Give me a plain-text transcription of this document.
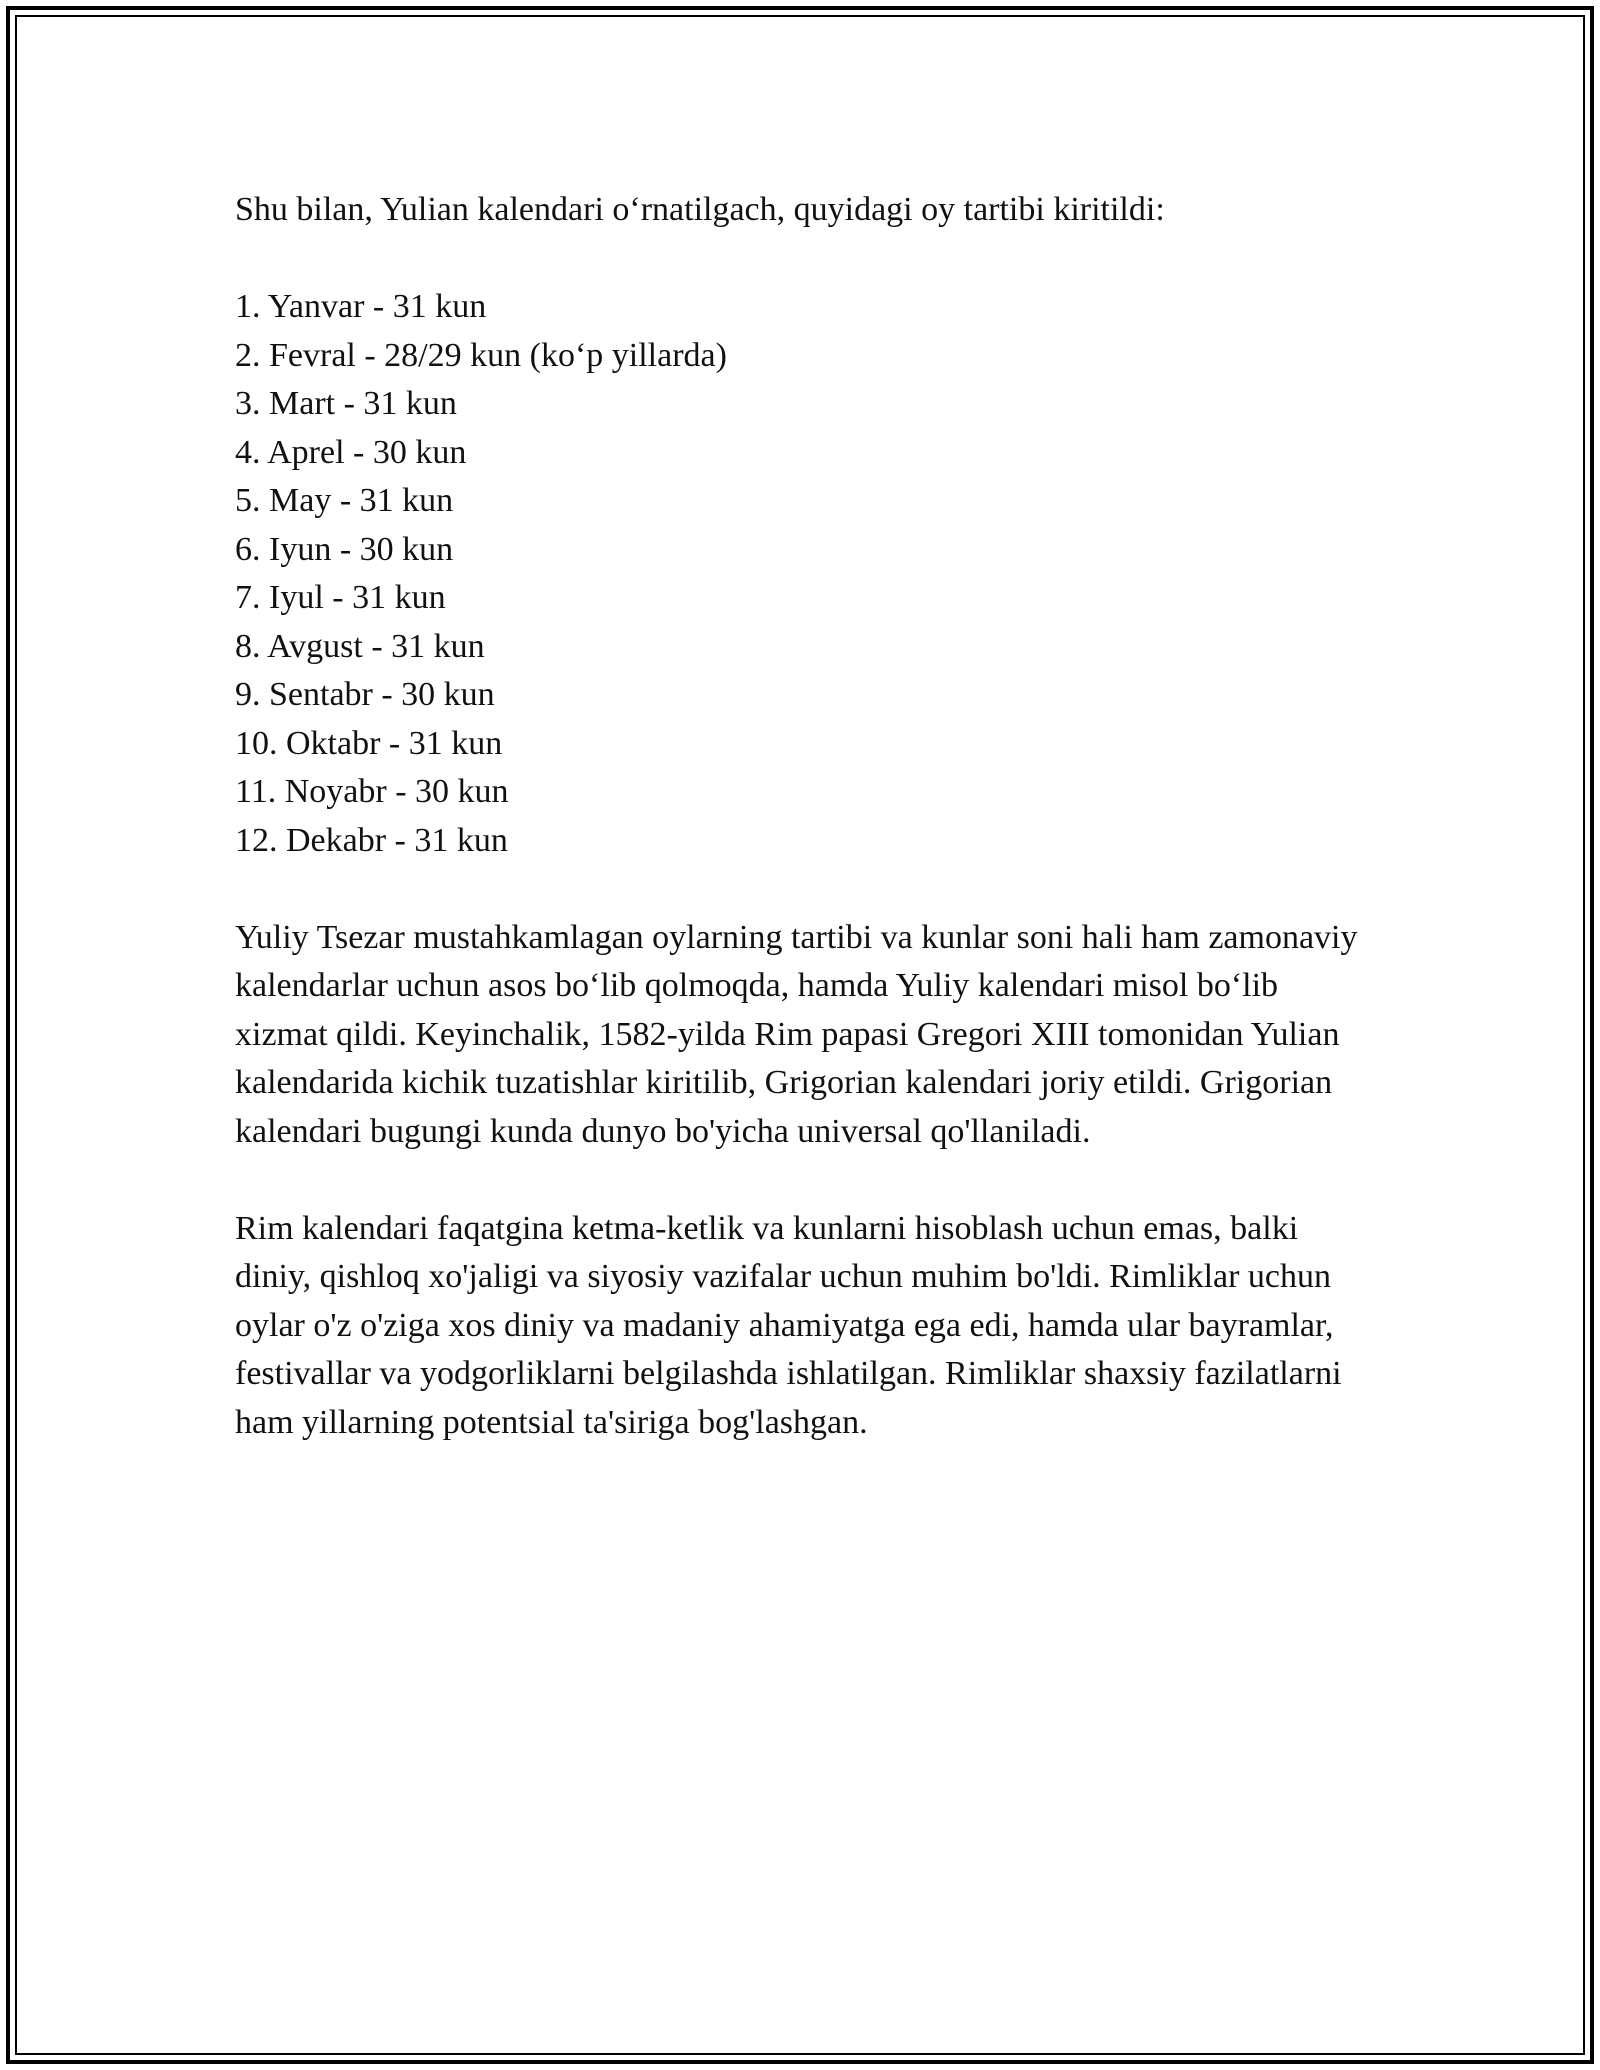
Shu bilan, Yulian kalendari o‘rnatilgach, quyidagi oy tartibi kiritildi:

1. Yanvar - 31 kun
2. Fevral - 28/29 kun (ko‘p yillarda)
3. Mart - 31 kun
4. Aprel - 30 kun
5. May - 31 kun
6. Iyun - 30 kun
7. Iyul - 31 kun
8. Avgust - 31 kun
9. Sentabr - 30 kun
10. Oktabr - 31 kun
11. Noyabr - 30 kun
12. Dekabr - 31 kun

Yuliy Tsezar mustahkamlagan oylarning tartibi va kunlar soni hali ham zamonaviy kalendarlar uchun asos bo‘lib qolmoqda, hamda Yuliy kalendari misol bo‘lib xizmat qildi. Keyinchalik, 1582-yilda Rim papasi Gregori XIII tomonidan Yulian kalendarida kichik tuzatishlar kiritilib, Grigorian kalendari joriy etildi. Grigorian kalendari bugungi kunda dunyo bo'yicha universal qo'llaniladi.

Rim kalendari faqatgina ketma-ketlik va kunlarni hisoblash uchun emas, balki diniy, qishloq xo'jaligi va siyosiy vazifalar uchun muhim bo'ldi. Rimliklar uchun oylar o'z o'ziga xos diniy va madaniy ahamiyatga ega edi, hamda ular bayramlar, festivallar va yodgorliklarni belgilashda ishlatilgan. Rimliklar shaxsiy fazilatlarni ham yillarning potentsial ta'siriga bog'lashgan.
